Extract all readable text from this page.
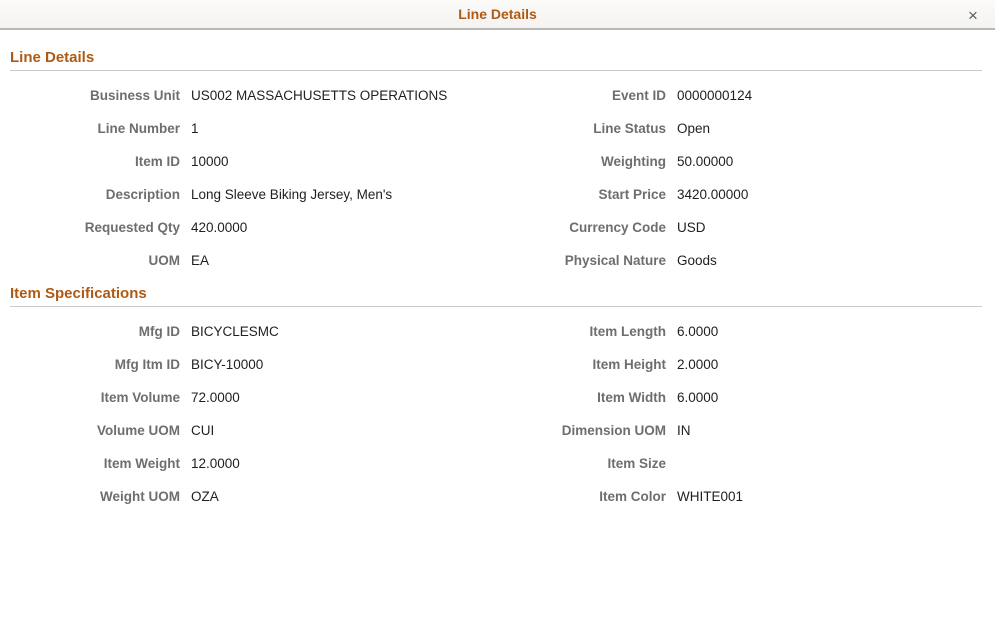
Line Details	×
Line Details
Business Unit US002 MASSACHUSETTS OPERATIONS
Line Number 1
Item ID 10000
Description Long Sleeve Biking Jersey, Men's
Requested Qty 420.0000
UOM EA
Event ID 0000000124
Line Status Open
Weighting 50.00000
Start Price 3420.00000
Currency Code USD
Physical Nature Goods
Item Specifications
Mfg ID BICYCLESMC
Mfg Itm ID BICY-10000
Item Volume 72.0000
Volume UOM CUI
Item Weight 12.0000
Weight UOM OZA
Item Length 6.0000
Item Height 2.0000
Item Width 6.0000
Dimension UOM IN
Item Size
Item Color WHITE001
